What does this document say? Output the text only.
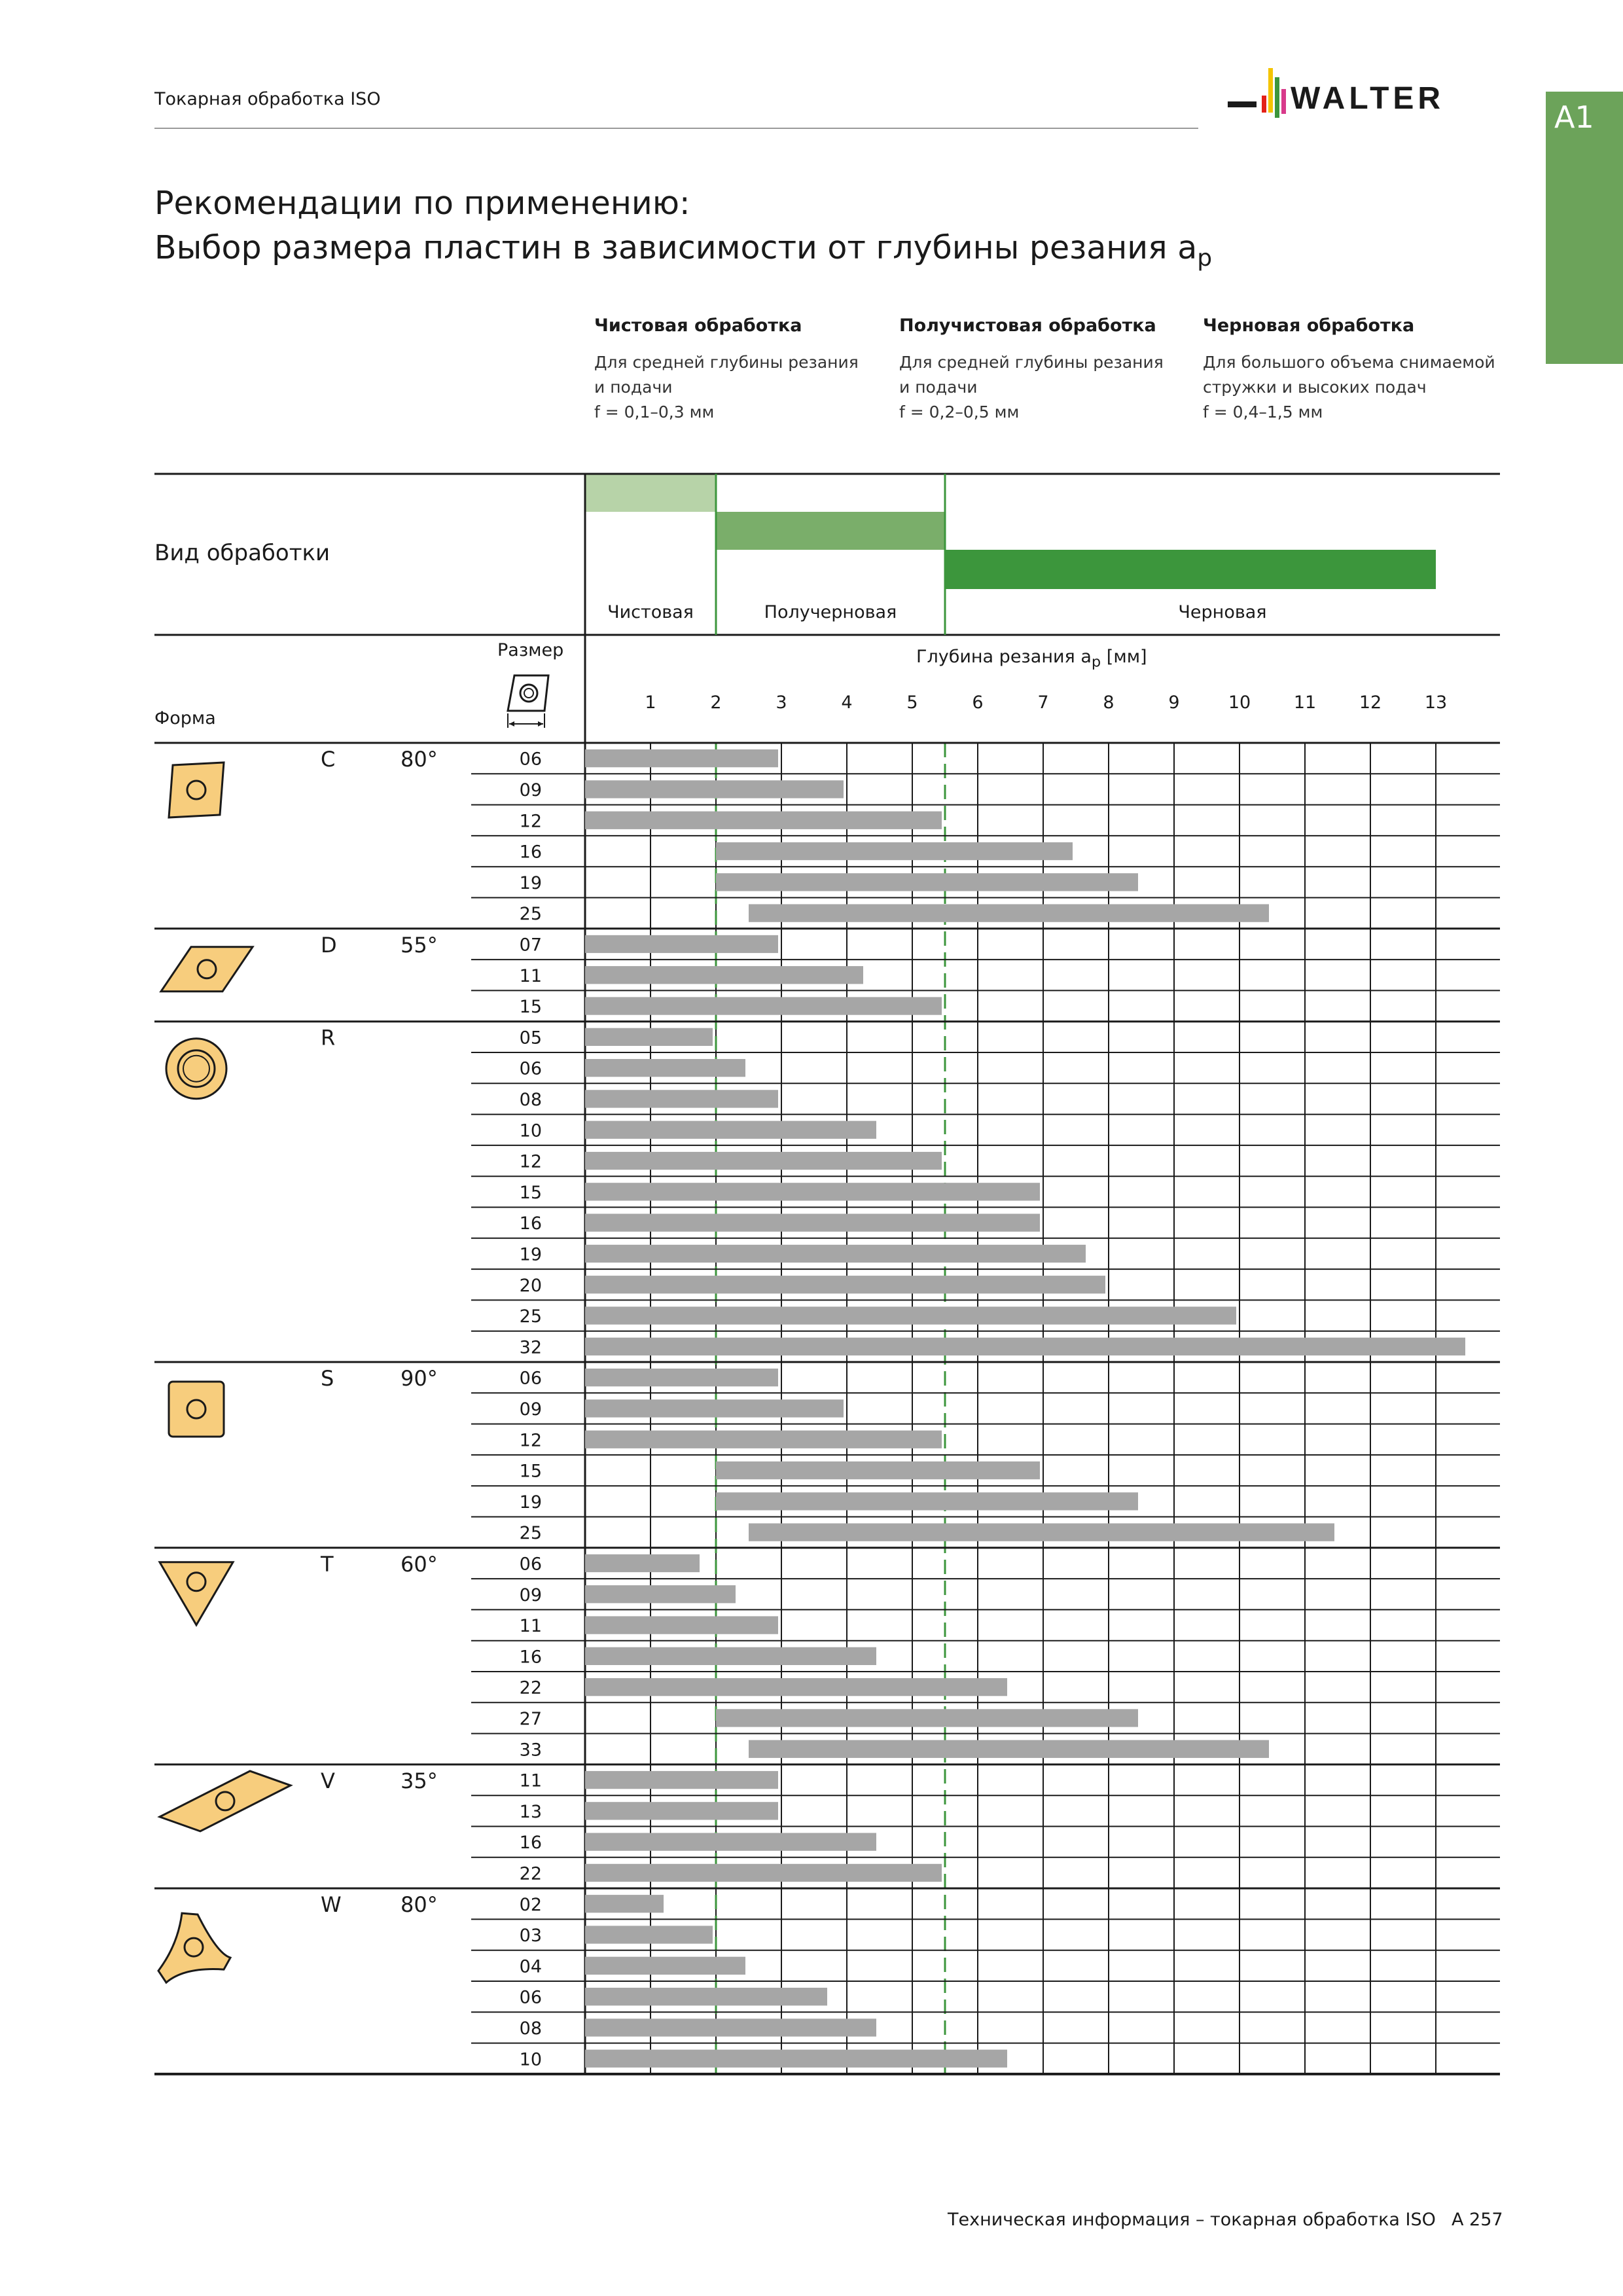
Токарная обработка ISO	WALTER
A1
Рекомендации по применению:
Выбор размера пластин в зависимости от глубины резания $a_p$
Чистовая обработка
Для средней глубины резания
и подачи
f = 0,1–0,3 мм
Получистовая обработка
Для средней глубины резания
и подачи
f = 0,2–0,5 мм
Черновая обработка
Для большого объема снимаемой
стружки и высоких подач
f = 0,4–1,5 мм
Вид обработки
Размер
Форма
Глубина резания $a_p$ [мм]
Чистовая	Получерновая	Черновая
1	2	3	4	5	6	7	8	9	10 11 12 13
C	80°	06
09
12
16
19
25
D	55°	07
11
15
R	05
06
08
10
12
15
16
19
20
25
32
S	90°	06
09
12
15
19
25
T	60°	06
09
11
16
22
27
33
V	35°	11
13
16
22
W	80°	02
03
04
06
08
10
Техническая информация – токарная обработка ISO A 257
